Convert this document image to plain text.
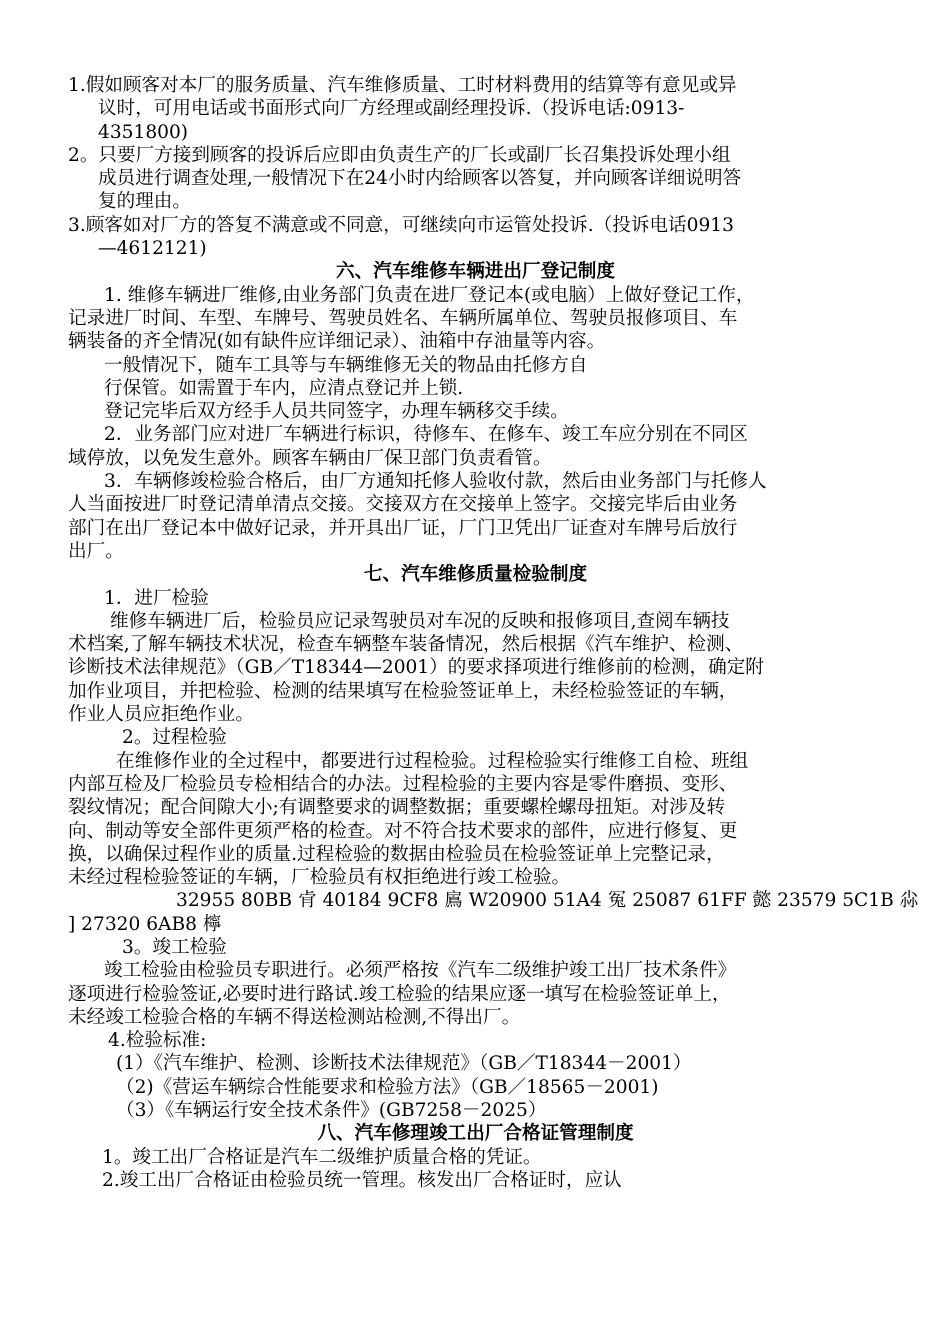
1.假如顾客对本厂的服务质量、汽车维修质量、工时材料费用的结算等有意见或异
议时，可用电话或书面形式向厂方经理或副经理投诉.（投诉电话:0913-
4351800)
2。只要厂方接到顾客的投诉后应即由负责生产的厂长或副厂长召集投诉处理小组
成员进行调查处理,一般情况下在24小时内给顾客以答复，并向顾客详细说明答
复的理由。
3.顾客如对厂方的答复不满意或不同意，可继续向市运管处投诉.（投诉电话0913
—4612121)
六、汽车维修车辆进出厂登记制度
1. 维修车辆进厂维修,由业务部门负责在进厂登记本(或电脑）上做好登记工作，
记录进厂时间、车型、车牌号、驾驶员姓名、车辆所属单位、驾驶员报修项目、车
辆装备的齐全情况(如有缺件应详细记录）、油箱中存油量等内容。
一般情况下，随车工具等与车辆维修无关的物品由托修方自
行保管。如需置于车内，应清点登记并上锁.
登记完毕后双方经手人员共同签字，办理车辆移交手续。
2．业务部门应对进厂车辆进行标识，待修车、在修车、竣工车应分别在不同区
域停放，以免发生意外。顾客车辆由厂保卫部门负责看管。
3．车辆修竣检验合格后，由厂方通知托修人验收付款，然后由业务部门与托修人
人当面按进厂时登记清单清点交接。交接双方在交接单上签字。交接完毕后由业务
部门在出厂登记本中做好记录，并开具出厂证，厂门卫凭出厂证查对车牌号后放行
出厂。
七、汽车维修质量检验制度
1．进厂检验
维修车辆进厂后，检验员应记录驾驶员对车况的反映和报修项目,查阅车辆技
术档案,了解车辆技术状况，检查车辆整车装备情况，然后根据《汽车维护、检测、
诊断技术法律规范》（GB／T18344—2001）的要求择项进行维修前的检测，确定附
加作业项目，并把检验、检测的结果填写在检验签证单上，未经检验签证的车辆，
作业人员应拒绝作业。
2。过程检验
在维修作业的全过程中，都要进行过程检验。过程检验实行维修工自检、班组
内部互检及厂检验员专检相结合的办法。过程检验的主要内容是零件磨损、变形、
裂纹情况；配合间隙大小;有调整要求的调整数据；重要螺栓螺母扭矩。对涉及转
向、制动等安全部件更须严格的检查。对不符合技术要求的部件，应进行修复、更
换，以确保过程作业的质量.过程检验的数据由检验员在检验签证单上完整记录，
未经过程检验签证的车辆，厂检验员有权拒绝进行竣工检验。
32955 80BB 肻 40184 9CF8 鳸 W20900 51A4 冤 25087 61FF 懿 23579 5C1B 尛
] 27320 6AB8 檸
3。竣工检验
竣工检验由检验员专职进行。必须严格按《汽车二级维护竣工出厂技术条件》
逐项进行检验签证,必要时进行路试.竣工检验的结果应逐一填写在检验签证单上，
未经竣工检验合格的车辆不得送检测站检测,不得出厂。
4.检验标准:
(1）《汽车维护、检测、诊断技术法律规范》（GB／T18344－2001）
（2)《营运车辆综合性能要求和检验方法》（GB／18565－2001)
（3）《车辆运行安全技术条件》(GB7258－2025）
八、汽车修理竣工出厂合格证管理制度
1。竣工出厂合格证是汽车二级维护质量合格的凭证。
2.竣工出厂合格证由检验员统一管理。核发出厂合格证时，应认
